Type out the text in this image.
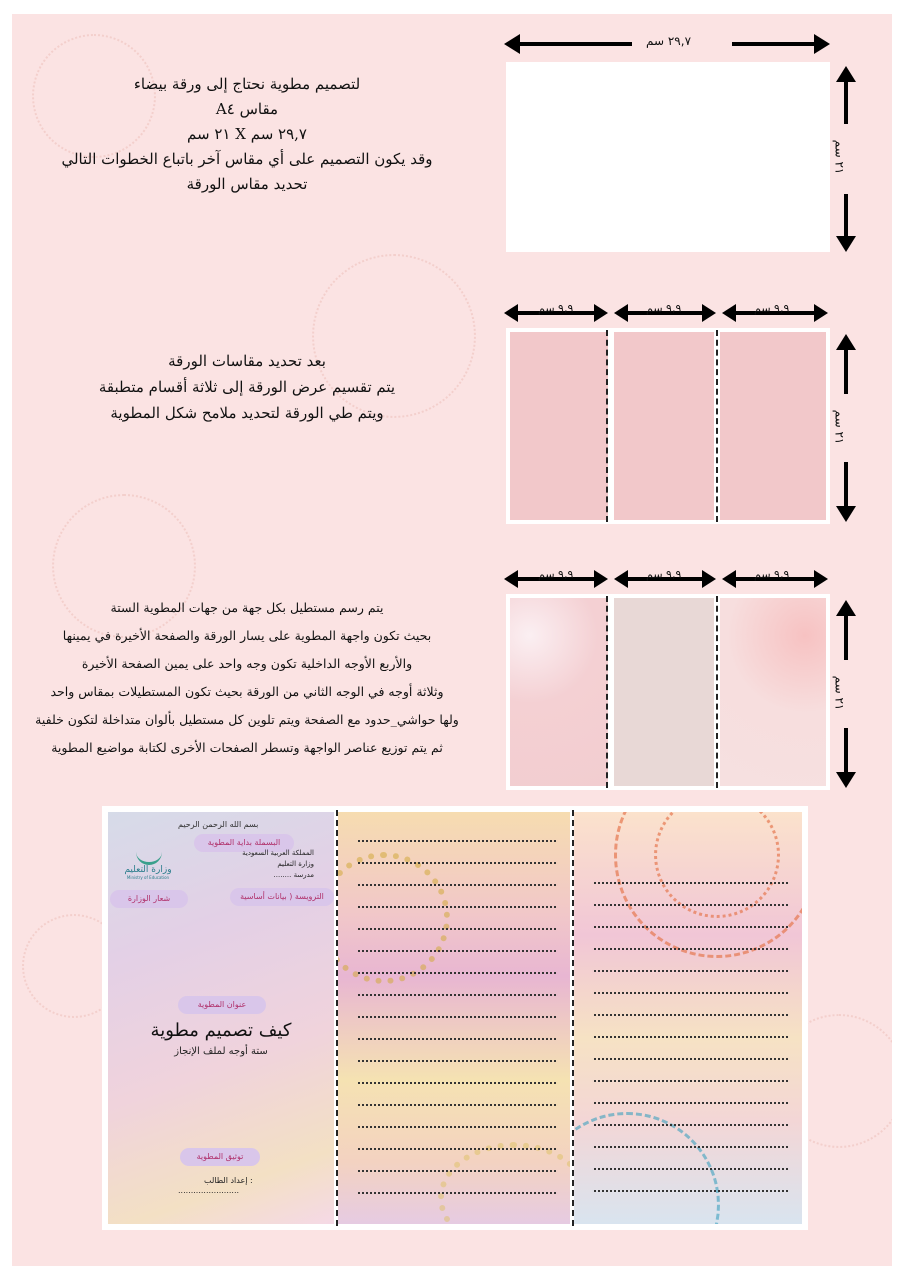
لتصميم مطوية نحتاج إلى ورقة بيضاء
مقاس A٤
٢٩,٧ سم X ٢١ سم
وقد يكون التصميم على أي مقاس آخر باتباع الخطوات التالي
تحديد مقاس الورقة
٢٩,٧ سم
٢١ سم
بعد تحديد مقاسات الورقة
يتم تقسيم عرض الورقة إلى ثلاثة أقسام متطبقة
ويتم طي الورقة لتحديد ملامح شكل المطوية
٩,٩ سم	٩,٩ سم	٩,٩ سم
٢١ سم
يتم رسم مستطيل بكل جهة من جهات المطوية الستة
بحيث تكون واجهة المطوية على يسار الورقة والصفحة الأخيرة في يمينها
والأربع الأوجه الداخلية تكون وجه واحد على يمين الصفحة الأخيرة
وثلاثة أوجه في الوجه الثاني من الورقة بحيث تكون المستطيلات بمقاس واحد
ولها حواشي_حدود مع الصفحة ويتم تلوين كل مستطيل بألوان متداخلة لتكون خلفية
ثم يتم توزيع عناصر الواجهة وتسطر الصفحات الأخرى لكتابة مواضيع المطوية
٩,٩ سم	٩,٩ سم	٩,٩ سم
٢١ سم
بسم الله الرحمن الرحيم
البسملة بداية المطوية
وزارة التعليم
Ministry of Education
شعار الوزارة
المملكة العربية السعودية
وزارة التعليم
مدرسة ........
الترويسة ( بيانات أساسية
عنوان المطوية
كيف تصميم مطوية
ستة أوجه لملف الإنجاز
توثيق المطوية
إعداد الطالب :
........................
